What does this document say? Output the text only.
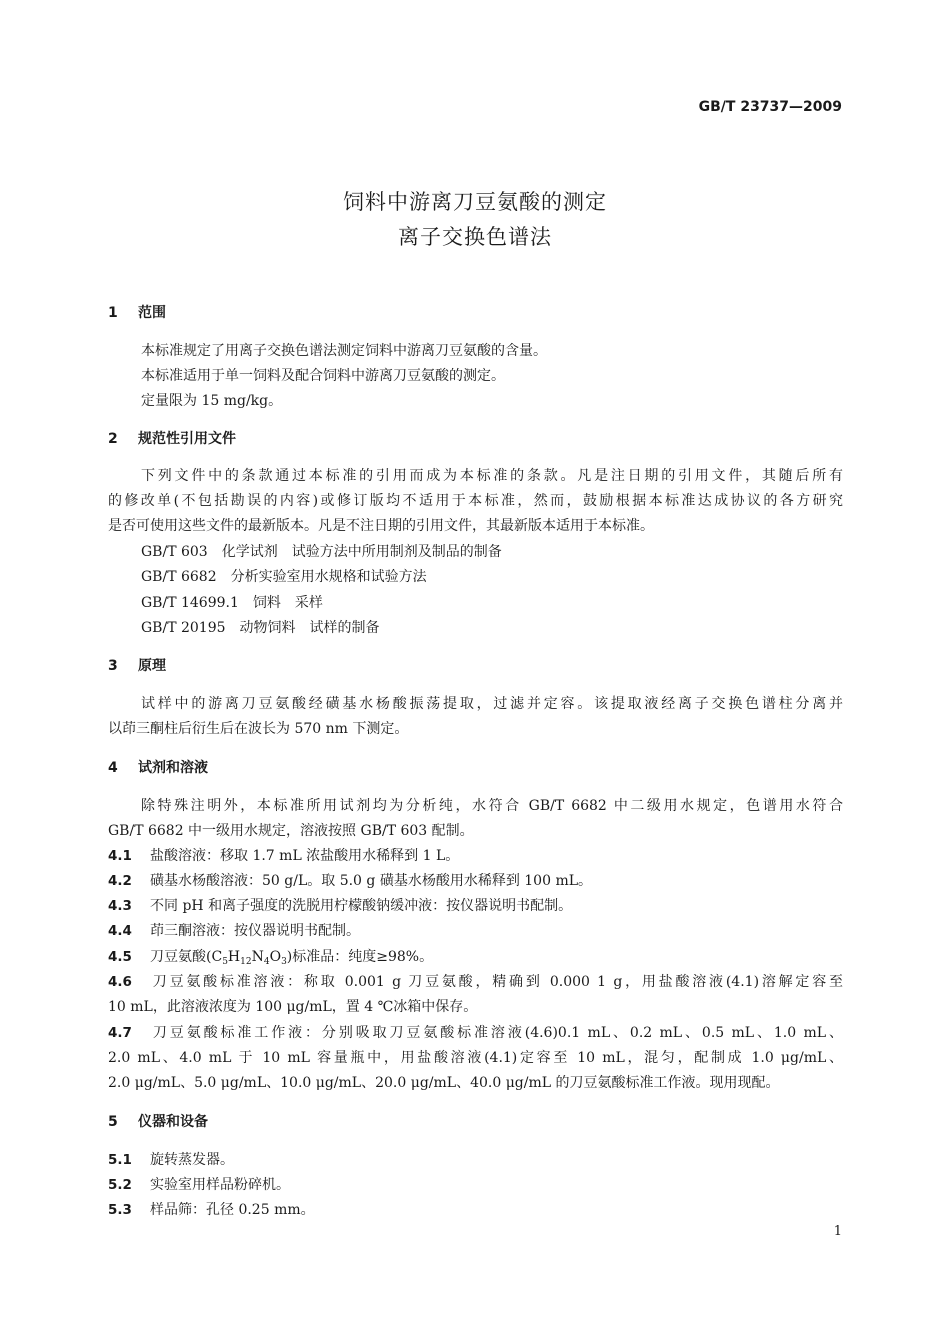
GB/T 23737—2009
饲料中游离刀豆氨酸的测定
离子交换色谱法
1 范围
本标准规定了用离子交换色谱法测定饲料中游离刀豆氨酸的含量。
本标准适用于单一饲料及配合饲料中游离刀豆氨酸的测定。
定量限为 15 mg/kg。
2 规范性引用文件
下列文件中的条款通过本标准的引用而成为本标准的条款。凡是注日期的引用文件，其随后所有
的修改单(不包括勘误的内容)或修订版均不适用于本标准，然而，鼓励根据本标准达成协议的各方研究
是否可使用这些文件的最新版本。凡是不注日期的引用文件，其最新版本适用于本标准。
GB/T 603　化学试剂　试验方法中所用制剂及制品的制备
GB/T 6682　分析实验室用水规格和试验方法
GB/T 14699.1　饲料　采样
GB/T 20195　动物饲料　试样的制备
3 原理
试样中的游离刀豆氨酸经磺基水杨酸振荡提取，过滤并定容。该提取液经离子交换色谱柱分离并
以茚三酮柱后衍生后在波长为 570 nm 下测定。
4 试剂和溶液
除特殊注明外，本标准所用试剂均为分析纯，水符合 GB/T 6682 中二级用水规定，色谱用水符合
GB/T 6682 中一级用水规定，溶液按照 GB/T 603 配制。
4.1 盐酸溶液：移取 1.7 mL 浓盐酸用水稀释到 1 L。
4.2 磺基水杨酸溶液：50 g/L。取 5.0 g 磺基水杨酸用水稀释到 100 mL。
4.3 不同 pH 和离子强度的洗脱用柠檬酸钠缓冲液：按仪器说明书配制。
4.4 茚三酮溶液：按仪器说明书配制。
4.5 刀豆氨酸$(C_5H_{12}N_4O_3)$标准品：纯度≥98%。
4.6 刀豆氨酸标准溶液：称取 0.001 g 刀豆氨酸，精确到 0.000 1 g，用盐酸溶液(4.1)溶解定容至
10 mL，此溶液浓度为 100 μg/mL，置 4 ℃冰箱中保存。
4.7 刀豆氨酸标准工作液：分别吸取刀豆氨酸标准溶液(4.6)0.1 mL、0.2 mL、0.5 mL、1.0 mL、
2.0 mL、4.0 mL 于 10 mL 容量瓶中，用盐酸溶液(4.1)定容至 10 mL，混匀，配制成 1.0 μg/mL、
2.0 μg/mL、5.0 μg/mL、10.0 μg/mL、20.0 μg/mL、40.0 μg/mL 的刀豆氨酸标准工作液。现用现配。
5 仪器和设备
5.1 旋转蒸发器。
5.2 实验室用样品粉碎机。
5.3 样品筛：孔径 0.25 mm。
1
